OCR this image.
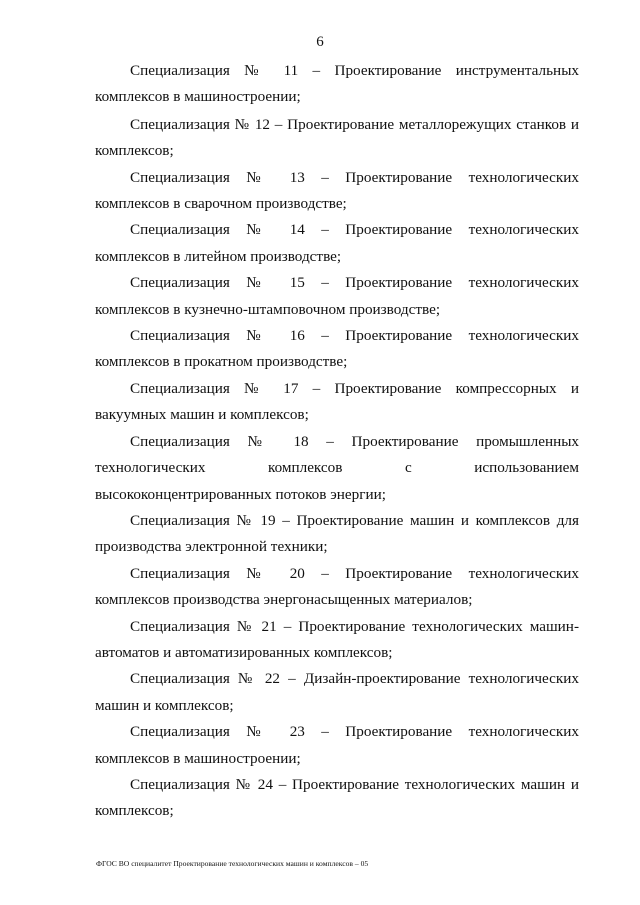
6

Специализация № 11 – Проектирование инструментальных комплексов в машиностроении;

Специализация № 12 – Проектирование металлорежущих станков и комплексов;

Специализация № 13 – Проектирование технологических комплексов в сварочном производстве;

Специализация № 14 – Проектирование технологических комплексов в литейном производстве;

Специализация № 15 – Проектирование технологических комплексов в кузнечно-штамповочном производстве;

Специализация № 16 – Проектирование технологических комплексов в прокатном производстве;

Специализация № 17 – Проектирование компрессорных и вакуумных машин и комплексов;

Специализация № 18 – Проектирование промышленных технологических комплексов с использованием высококонцентрированных потоков энергии;

Специализация № 19 – Проектирование машин и комплексов для производства электронной техники;

Специализация № 20 – Проектирование технологических комплексов производства энергонасыщенных материалов;

Специализация № 21 – Проектирование технологических машин-автоматов и автоматизированных комплексов;

Специализация № 22 – Дизайн-проектирование технологических машин и комплексов;

Специализация № 23 – Проектирование технологических комплексов в машиностроении;

Специализация № 24 – Проектирование технологических машин и комплексов;

ФГОС ВО специалитет Проектирование технологических машин и комплексов – 05
